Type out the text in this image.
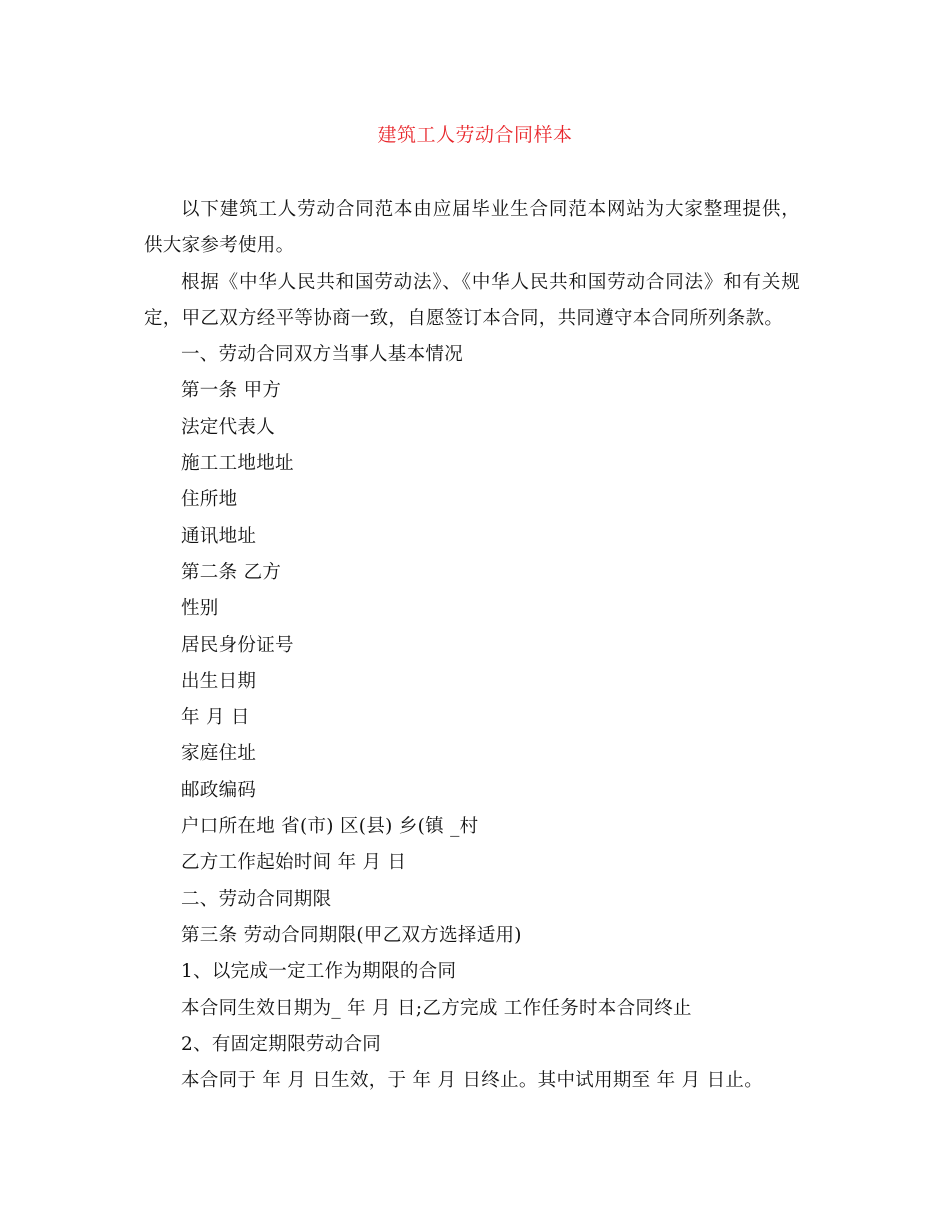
建筑工人劳动合同样本

以下建筑工人劳动合同范本由应届毕业生合同范本网站为大家整理提供，供大家参考使用。

根据《中华人民共和国劳动法》、《中华人民共和国劳动合同法》和有关规定，甲乙双方经平等协商一致，自愿签订本合同，共同遵守本合同所列条款。

一、劳动合同双方当事人基本情况

第一条 甲方

法定代表人

施工工地地址

住所地

通讯地址

第二条 乙方

性别

居民身份证号

出生日期

年 月 日

家庭住址

邮政编码

户口所在地 省(市) 区(县) 乡(镇 _村

乙方工作起始时间 年 月 日

二、劳动合同期限

第三条 劳动合同期限(甲乙双方选择适用)

1、以完成一定工作为期限的合同

本合同生效日期为_ 年 月 日;乙方完成 工作任务时本合同终止

2、有固定期限劳动合同

本合同于 年 月 日生效，于 年 月 日终止。其中试用期至 年 月 日止。
